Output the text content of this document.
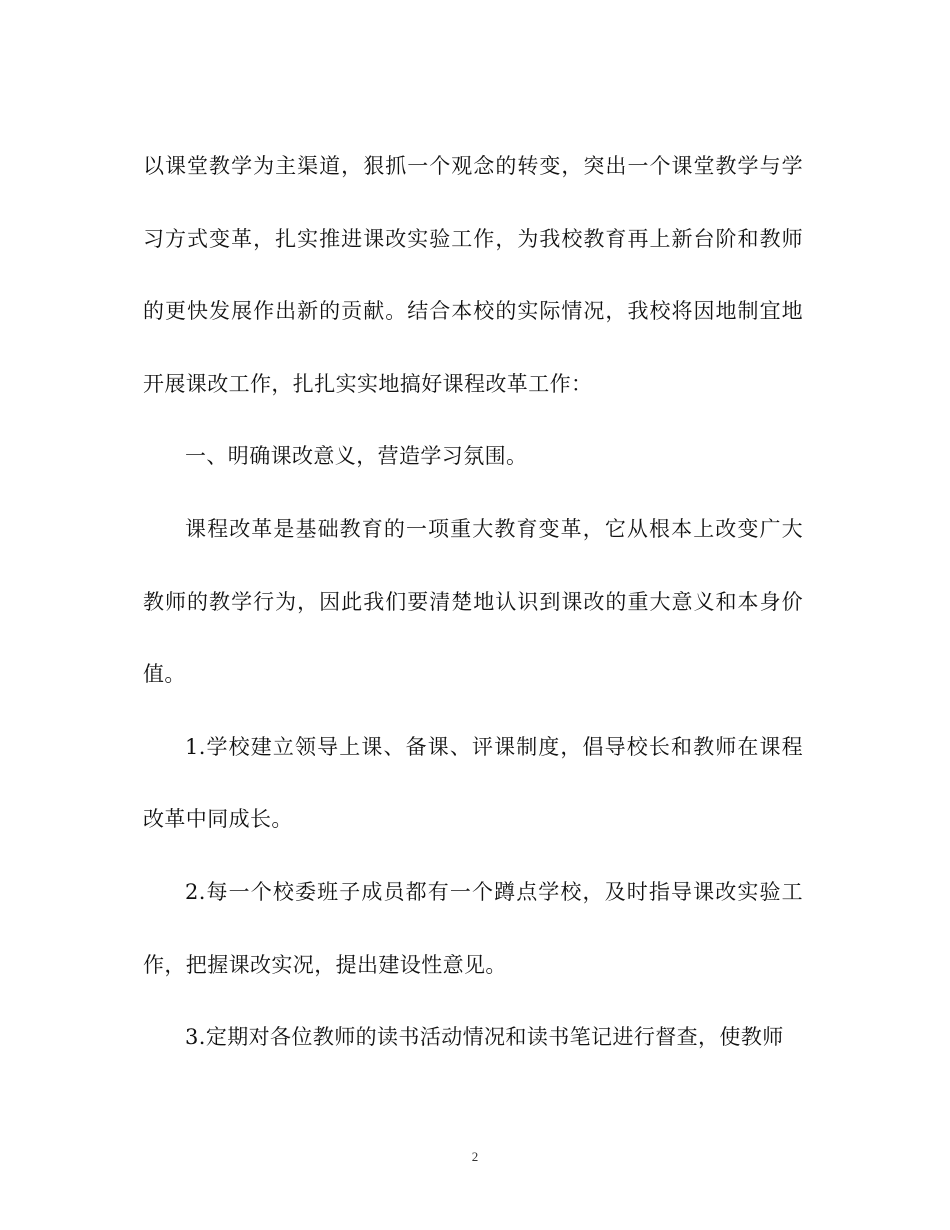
以课堂教学为主渠道，狠抓一个观念的转变，突出一个课堂教学与学习方式变革，扎实推进课改实验工作，为我校教育再上新台阶和教师的更快发展作出新的贡献。结合本校的实际情况，我校将因地制宜地开展课改工作，扎扎实实地搞好课程改革工作：

一、明确课改意义，营造学习氛围。

课程改革是基础教育的一项重大教育变革，它从根本上改变广大教师的教学行为，因此我们要清楚地认识到课改的重大意义和本身价值。

1.学校建立领导上课、备课、评课制度，倡导校长和教师在课程改革中同成长。

2.每一个校委班子成员都有一个蹲点学校，及时指导课改实验工作，把握课改实况，提出建设性意见。

3.定期对各位教师的读书活动情况和读书笔记进行督查，使教师

2
